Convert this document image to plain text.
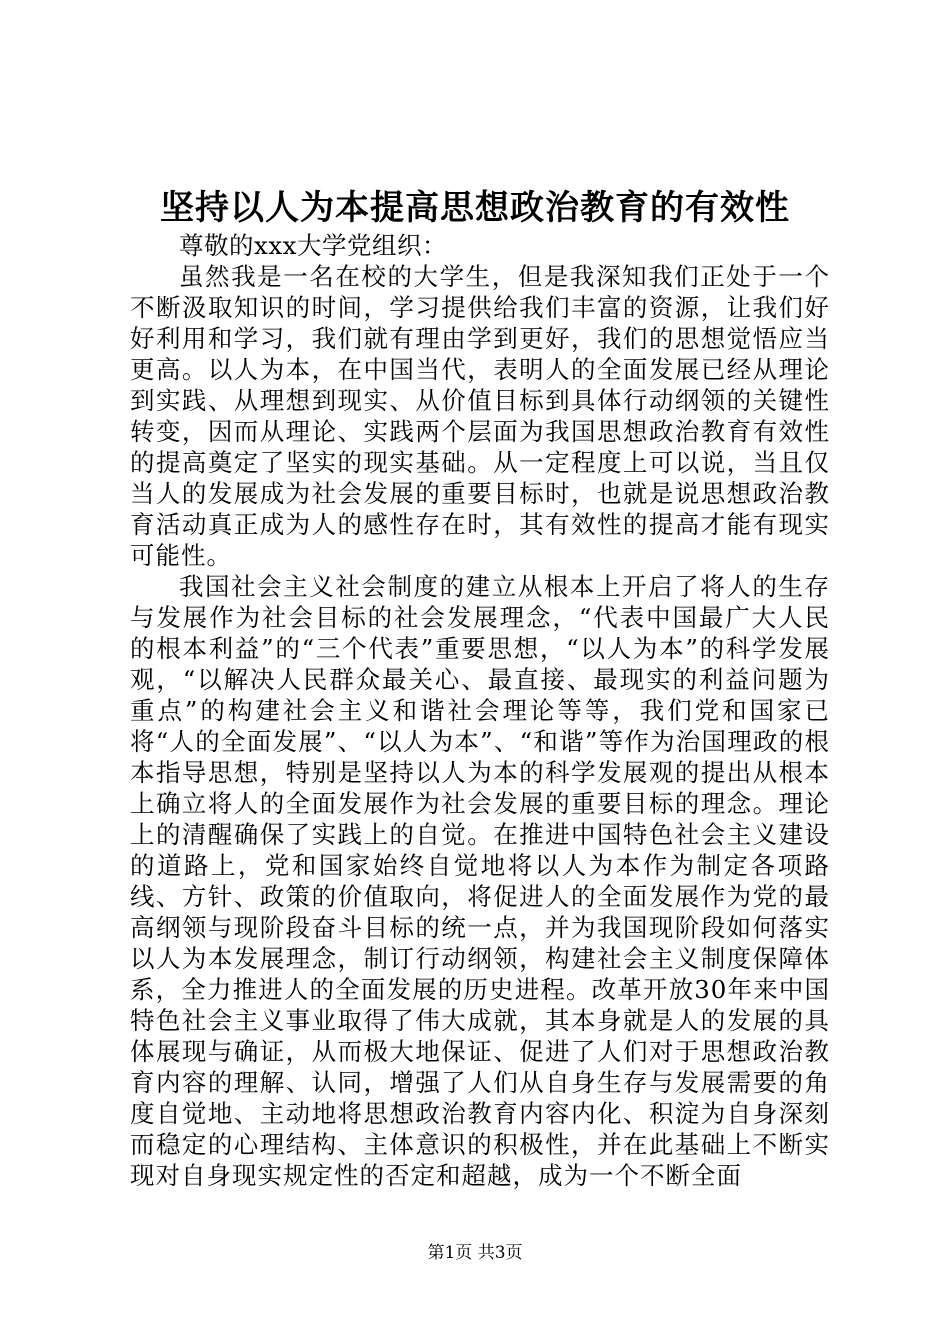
坚持以人为本提高思想政治教育的有效性

尊敬的xxx大学党组织：

虽然我是一名在校的大学生，但是我深知我们正处于一个不断汲取知识的时间，学习提供给我们丰富的资源，让我们好好利用和学习，我们就有理由学到更好，我们的思想觉悟应当更高。以人为本，在中国当代，表明人的全面发展已经从理论到实践、从理想到现实、从价值目标到具体行动纲领的关键性转变，因而从理论、实践两个层面为我国思想政治教育有效性的提高奠定了坚实的现实基础。从一定程度上可以说，当且仅当人的发展成为社会发展的重要目标时，也就是说思想政治教育活动真正成为人的感性存在时，其有效性的提高才能有现实可能性。

我国社会主义社会制度的建立从根本上开启了将人的生存与发展作为社会目标的社会发展理念，“代表中国最广大人民的根本利益”的“三个代表”重要思想，“以人为本”的科学发展观，“以解决人民群众最关心、最直接、最现实的利益问题为重点”的构建社会主义和谐社会理论等等，我们党和国家已将“人的全面发展”、“以人为本”、“和谐”等作为治国理政的根本指导思想，特别是坚持以人为本的科学发展观的提出从根本上确立将人的全面发展作为社会发展的重要目标的理念。理论上的清醒确保了实践上的自觉。在推进中国特色社会主义建设的道路上，党和国家始终自觉地将以人为本作为制定各项路线、方针、政策的价值取向，将促进人的全面发展作为党的最高纲领与现阶段奋斗目标的统一点，并为我国现阶段如何落实以人为本发展理念，制订行动纲领，构建社会主义制度保障体系，全力推进人的全面发展的历史进程。改革开放30年来中国特色社会主义事业取得了伟大成就，其本身就是人的发展的具体展现与确证，从而极大地保证、促进了人们对于思想政治教育内容的理解、认同，增强了人们从自身生存与发展需要的角度自觉地、主动地将思想政治教育内容内化、积淀为自身深刻而稳定的心理结构、主体意识的积极性，并在此基础上不断实现对自身现实规定性的否定和超越，成为一个不断全面

第1页 共3页
